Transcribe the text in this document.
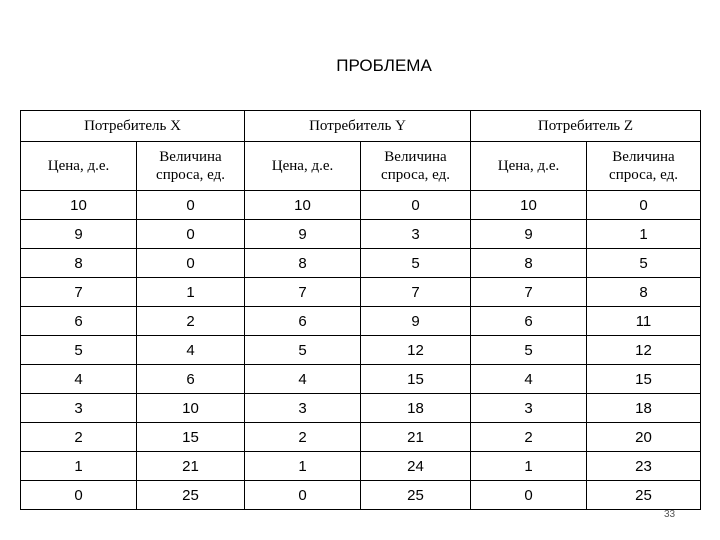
ПРОБЛЕМА
Потребитель X		Потребитель Y		Потребитель Z	
Цена, д.е.	Величина спроса, ед.	Цена, д.е.	Величина спроса, ед.	Цена, д.е.	Величина спроса, ед.
10	0	10	0	10	0
9	0	9	3	9	1
8	0	8	5	8	5
7	1	7	7	7	8
6	2	6	9	6	11
5	4	5	12	5	12
4	6	4	15	4	15
3	10	3	18	3	18
2	15	2	21	2	20
1	21	1	24	1	23
0	25	0	25	0	25
33
